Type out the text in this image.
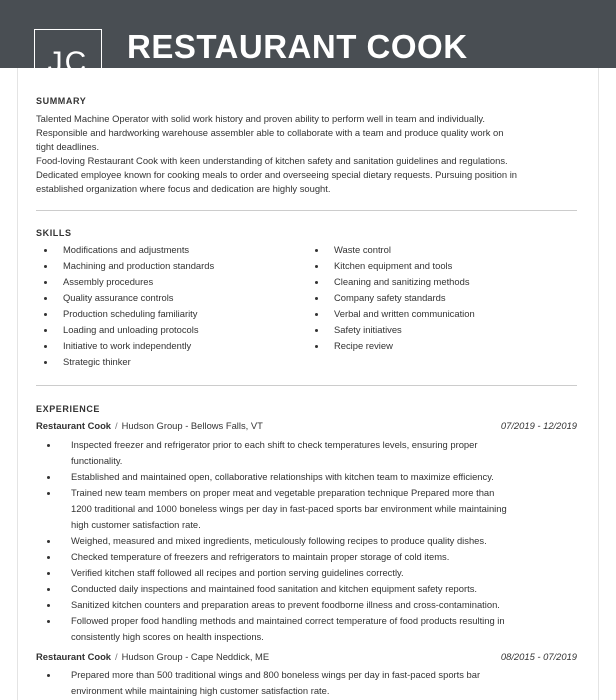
JC	RESTAURANT COOK
SUMMARY

Talented Machine Operator with solid work history and proven ability to perform well in team and individually.

Responsible and hardworking warehouse assembler able to collaborate with a team and produce quality work on

tight deadlines.

Food-loving Restaurant Cook with keen understanding of kitchen safety and sanitation guidelines and regulations.

Dedicated employee known for cooking meals to order and overseeing special dietary requests. Pursuing position in

established organization where focus and dedication are highly sought.

SKILLS
Modifications and adjustments
Machining and production standards
Assembly procedures
Quality assurance controls
Production scheduling familiarity
Loading and unloading protocols
Initiative to work independently
Strategic thinker
Waste control
Kitchen equipment and tools
Cleaning and sanitizing methods
Company safety standards
Verbal and written communication
Safety initiatives
Recipe review
EXPERIENCE
Restaurant Cook / Hudson Group - Bellows Falls, VT	07/2019 - 12/2019
Inspected freezer and refrigerator prior to each shift to check temperatures levels, ensuring proper
functionality.
Established and maintained open, collaborative relationships with kitchen team to maximize efficiency.
Trained new team members on proper meat and vegetable preparation technique Prepared more than
1200 traditional and 1000 boneless wings per day in fast-paced sports bar environment while maintaining
high customer satisfaction rate.
Weighed, measured and mixed ingredients, meticulously following recipes to produce quality dishes.
Checked temperature of freezers and refrigerators to maintain proper storage of cold items.
Verified kitchen staff followed all recipes and portion serving guidelines correctly.
Conducted daily inspections and maintained food sanitation and kitchen equipment safety reports.
Sanitized kitchen counters and preparation areas to prevent foodborne illness and cross-contamination.
Followed proper food handling methods and maintained correct temperature of food products resulting in
consistently high scores on health inspections.
Restaurant Cook / Hudson Group - Cape Neddick, ME	08/2015 - 07/2019
Prepared more than 500 traditional wings and 800 boneless wings per day in fast-paced sports bar
environment while maintaining high customer satisfaction rate.
